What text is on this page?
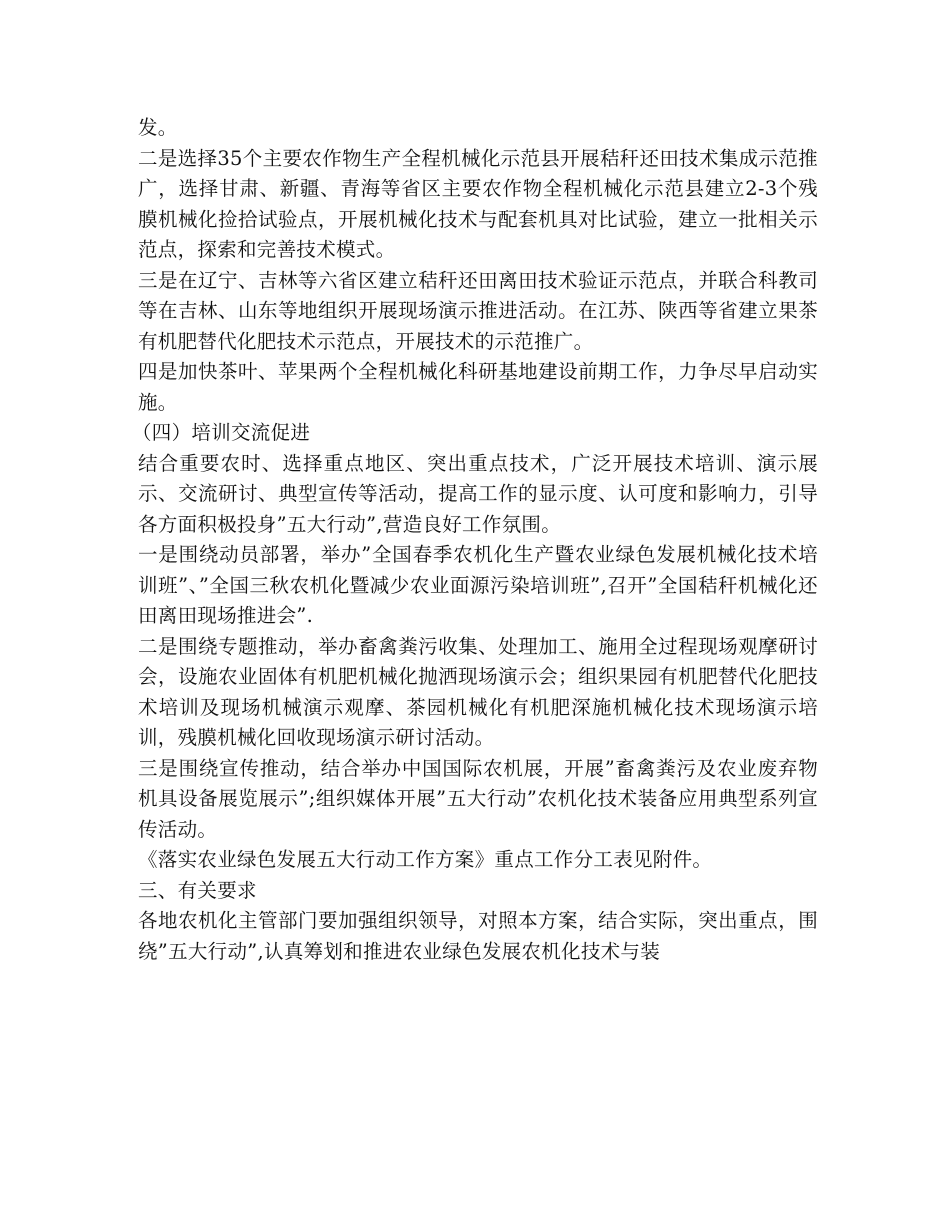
发。

二是选择35个主要农作物生产全程机械化示范县开展秸秆还田技术集成示范推广，选择甘肃、新疆、青海等省区主要农作物全程机械化示范县建立2-3个残膜机械化捡拾试验点，开展机械化技术与配套机具对比试验，建立一批相关示范点，探索和完善技术模式。

三是在辽宁、吉林等六省区建立秸秆还田离田技术验证示范点，并联合科教司等在吉林、山东等地组织开展现场演示推进活动。在江苏、陕西等省建立果茶有机肥替代化肥技术示范点，开展技术的示范推广。

四是加快茶叶、苹果两个全程机械化科研基地建设前期工作，力争尽早启动实施。

（四）培训交流促进

结合重要农时、选择重点地区、突出重点技术，广泛开展技术培训、演示展示、交流研讨、典型宣传等活动，提高工作的显示度、认可度和影响力，引导各方面积极投身”五大行动”,营造良好工作氛围。

一是围绕动员部署，举办”全国春季农机化生产暨农业绿色发展机械化技术培训班”、”全国三秋农机化暨减少农业面源污染培训班”,召开”全国秸秆机械化还田离田现场推进会”.

二是围绕专题推动，举办畜禽粪污收集、处理加工、施用全过程现场观摩研讨会，设施农业固体有机肥机械化抛洒现场演示会；组织果园有机肥替代化肥技术培训及现场机械演示观摩、茶园机械化有机肥深施机械化技术现场演示培训，残膜机械化回收现场演示研讨活动。

三是围绕宣传推动，结合举办中国国际农机展，开展”畜禽粪污及农业废弃物机具设备展览展示”;组织媒体开展”五大行动”农机化技术装备应用典型系列宣传活动。

《落实农业绿色发展五大行动工作方案》重点工作分工表见附件。

三、有关要求

各地农机化主管部门要加强组织领导，对照本方案，结合实际，突出重点，围绕”五大行动”,认真筹划和推进农业绿色发展农机化技术与装
